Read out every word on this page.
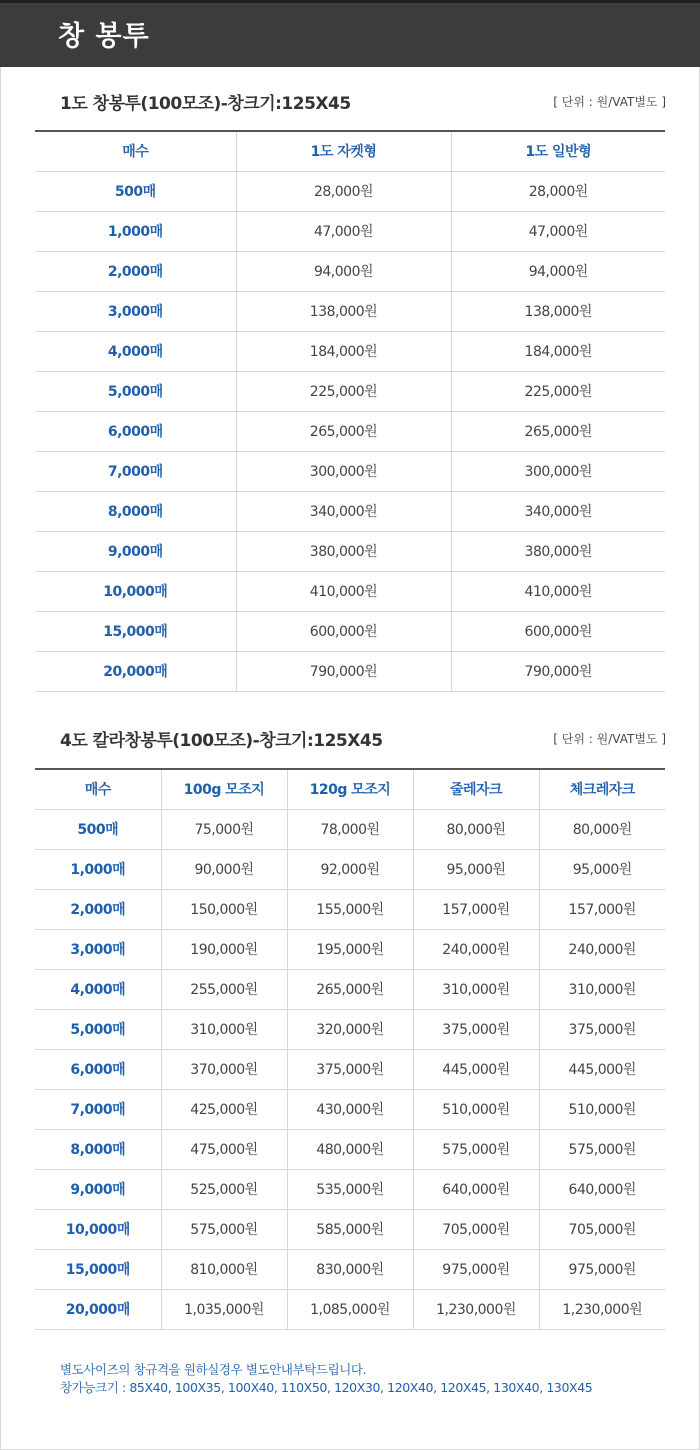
창 봉투
1도 창봉투(100모조)-창크기:125X45	[ 단위 : 원/VAT별도 ]
매수	1도 자켓형	1도 일반형
500매	28,000원	28,000원
1,000매	47,000원	47,000원
2,000매	94,000원	94,000원
3,000매	138,000원	138,000원
4,000매	184,000원	184,000원
5,000매	225,000원	225,000원
6,000매	265,000원	265,000원
7,000매	300,000원	300,000원
8,000매	340,000원	340,000원
9,000매	380,000원	380,000원
10,000매	410,000원	410,000원
15,000매	600,000원	600,000원
20,000매	790,000원	790,000원
4도 칼라창봉투(100모조)-창크기:125X45	[ 단위 : 원/VAT별도 ]
매수	100g 모조지	120g 모조지	줄레자크	체크레자크
500매	75,000원	78,000원	80,000원	80,000원
1,000매	90,000원	92,000원	95,000원	95,000원
2,000매	150,000원	155,000원	157,000원	157,000원
3,000매	190,000원	195,000원	240,000원	240,000원
4,000매	255,000원	265,000원	310,000원	310,000원
5,000매	310,000원	320,000원	375,000원	375,000원
6,000매	370,000원	375,000원	445,000원	445,000원
7,000매	425,000원	430,000원	510,000원	510,000원
8,000매	475,000원	480,000원	575,000원	575,000원
9,000매	525,000원	535,000원	640,000원	640,000원
10,000매	575,000원	585,000원	705,000원	705,000원
15,000매	810,000원	830,000원	975,000원	975,000원
20,000매	1,035,000원	1,085,000원	1,230,000원	1,230,000원
별도사이즈의 창규격을 원하실경우 별도안내부탁드립니다.
창가능크기 : 85X40, 100X35, 100X40, 110X50, 120X30, 120X40, 120X45, 130X40, 130X45
